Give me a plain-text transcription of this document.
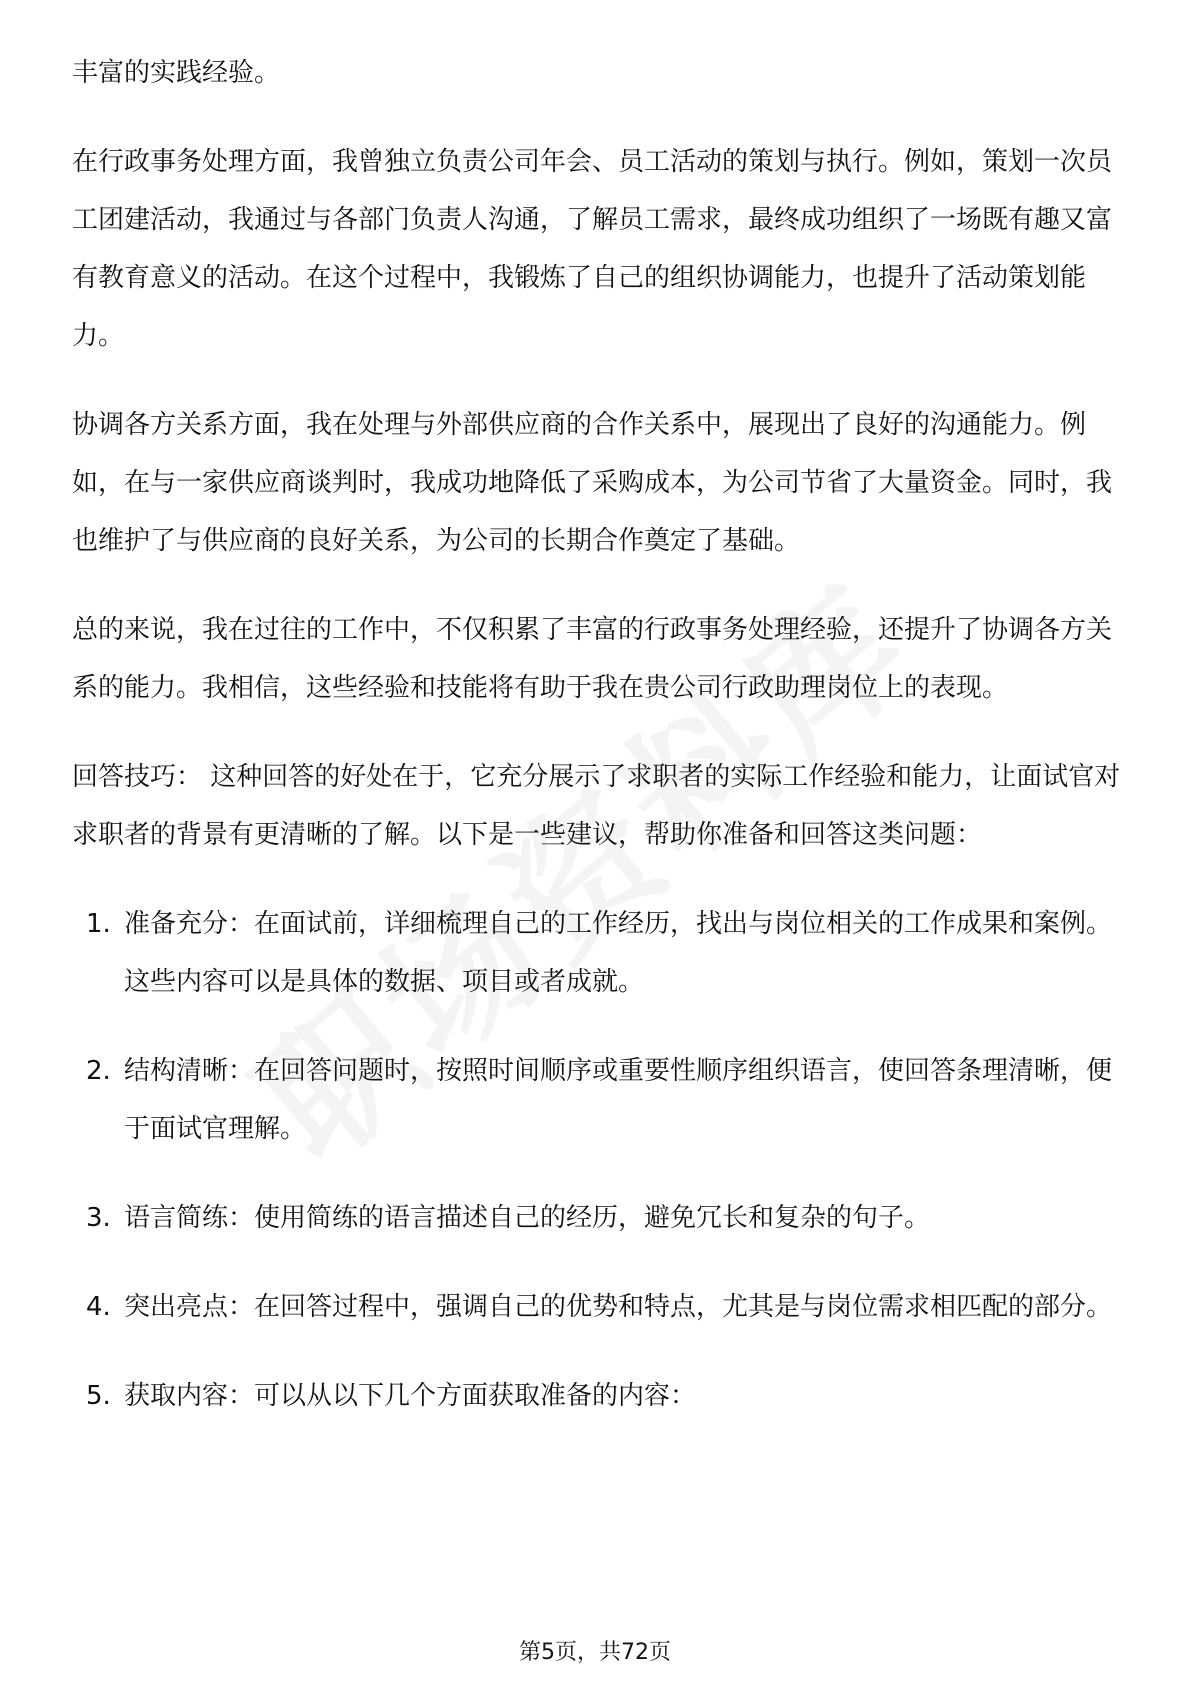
丰富的实践经验。

在行政事务处理方面，我曾独立负责公司年会、员工活动的策划与执行。例如，策划一次员工团建活动，我通过与各部门负责人沟通，了解员工需求，最终成功组织了一场既有趣又富有教育意义的活动。在这个过程中，我锻炼了自己的组织协调能力，也提升了活动策划能力。

协调各方关系方面，我在处理与外部供应商的合作关系中，展现出了良好的沟通能力。例如，在与一家供应商谈判时，我成功地降低了采购成本，为公司节省了大量资金。同时，我也维护了与供应商的良好关系，为公司的长期合作奠定了基础。

总的来说，我在过往的工作中，不仅积累了丰富的行政事务处理经验，还提升了协调各方关系的能力。我相信，这些经验和技能将有助于我在贵公司行政助理岗位上的表现。

回答技巧： 这种回答的好处在于，它充分展示了求职者的实际工作经验和能力，让面试官对求职者的背景有更清晰的了解。以下是一些建议，帮助你准备和回答这类问题：

1. 准备充分：在面试前，详细梳理自己的工作经历，找出与岗位相关的工作成果和案例。这些内容可以是具体的数据、项目或者成就。
2. 结构清晰：在回答问题时，按照时间顺序或重要性顺序组织语言，使回答条理清晰，便于面试官理解。
3. 语言简练：使用简练的语言描述自己的经历，避免冗长和复杂的句子。
4. 突出亮点：在回答过程中，强调自己的优势和特点，尤其是与岗位需求相匹配的部分。
5. 获取内容：可以从以下几个方面获取准备的内容：
第5页，共72页
